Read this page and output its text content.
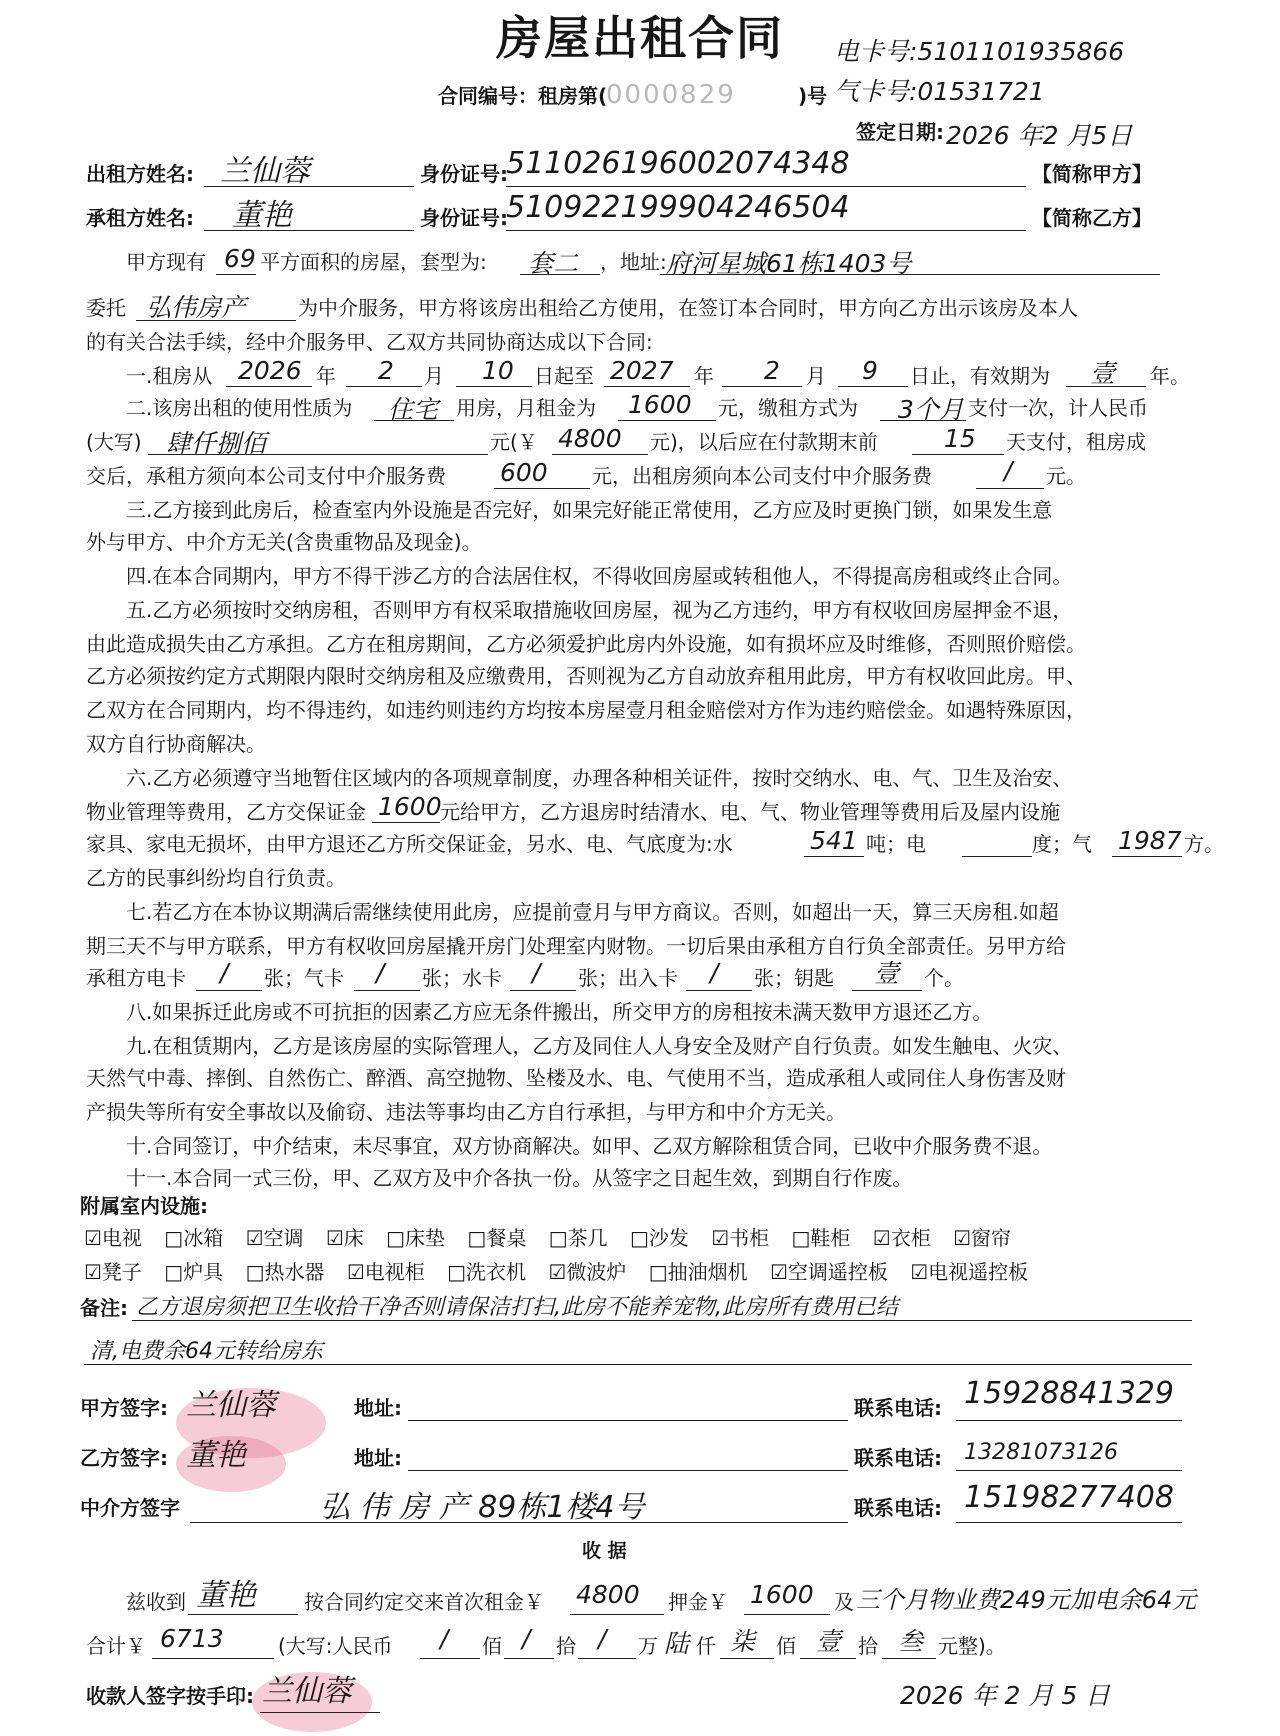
房屋出租合同	电卡号:5101101935866
气卡号:01531721
签定日期: 2026 年2 月5日
合同编号：租房第(
0000829	)号
出租方姓名: 兰仙蓉	身份证号:
511026196002074348	【简称甲方】
承租方姓名: 董艳	身份证号:
510922199904246504	【简称乙方】
甲方现有 69 平方面积的房屋，套型为: 套二 ，地址: 府河星城61栋1403号
委托 弘伟房产	为中介服务，甲方将该房出租给乙方使用，在签订本合同时，甲方向乙方出示该房及本人
的有关合法手续，经中介服务甲、乙双方共同协商达成以下合同:
一.租房从 2026 年 2 月 10 日起至 2027 年 2 月 9 日止，有效期为 壹 年。
二.该房出租的使用性质为 住宅 用房，月租金为 1600 元，缴租方式为 3个月 支付一次，计人民币
(大写) 肆仟捌佰	元(￥ 4800 元)，以后应在付款期末前	15 天支付，租房成
交后，承租方须向本公司支付中介服务费 600 元，出租房须向本公司支付中介服务费	/ 元。
三.乙方接到此房后，检查室内外设施是否完好，如果完好能正常使用，乙方应及时更换门锁，如果发生意
外与甲方、中介方无关(含贵重物品及现金)。
四.在本合同期内，甲方不得干涉乙方的合法居住权，不得收回房屋或转租他人，不得提高房租或终止合同。
五.乙方必须按时交纳房租，否则甲方有权采取措施收回房屋，视为乙方违约，甲方有权收回房屋押金不退，
由此造成损失由乙方承担。乙方在租房期间，乙方必须爱护此房内外设施，如有损坏应及时维修，否则照价赔偿。
乙方必须按约定方式期限内限时交纳房租及应缴费用，否则视为乙方自动放弃租用此房，甲方有权收回此房。甲、
乙双方在合同期内，均不得违约，如违约则违约方均按本房屋壹月租金赔偿对方作为违约赔偿金。如遇特殊原因，
双方自行协商解决。
六.乙方必须遵守当地暂住区域内的各项规章制度，办理各种相关证件，按时交纳水、电、气、卫生及治安、
物业管理等费用，乙方交保证金 1600
元给甲方，乙方退房时结清水、电、气、物业管理等费用后及屋内设施
家具、家电无损坏，由甲方退还乙方所交保证金，另水、电、气底度为:水	541 吨；电	度；气 1987 方。
乙方的民事纠纷均自行负责。
七.若乙方在本协议期满后需继续使用此房，应提前壹月与甲方商议。否则，如超出一天，算三天房租.如超
期三天不与甲方联系，甲方有权收回房屋撬开房门处理室内财物。一切后果由承租方自行负全部责任。另甲方给
承租方电卡 / 张；气卡 / 张；水卡 / 张；出入卡 / 张；钥匙 壹 个。
八.如果拆迁此房或不可抗拒的因素乙方应无条件搬出，所交甲方的房租按未满天数甲方退还乙方。
九.在租赁期内，乙方是该房屋的实际管理人，乙方及同住人人身安全及财产自行负责。如发生触电、火灾、
天然气中毒、摔倒、自然伤亡、醉酒、高空抛物、坠楼及水、电、气使用不当，造成承租人或同住人身伤害及财
产损失等所有安全事故以及偷窃、违法等事均由乙方自行承担，与甲方和中介方无关。
十.合同签订，中介结束，未尽事宜，双方协商解决。如甲、乙双方解除租赁合同，已收中介服务费不退。
十一.本合同一式三份，甲、乙双方及中介各执一份。从签字之日起生效，到期自行作废。
附属室内设施:
☑电视 □冰箱 ☑空调 ☑床 □床垫 □餐桌 □茶几 □沙发 ☑书柜 □鞋柜 ☑衣柜 ☑窗帘
☑凳子 □炉具 □热水器 ☑电视柜 □洗衣机 ☑微波炉 □抽油烟机 ☑空调遥控板 ☑电视遥控板
备注: 乙方退房须把卫生收拾干净否则请保洁打扫,此房不能养宠物,此房所有费用已结
清,电费余64元转给房东
甲方签字: 兰仙蓉	地址:	联系电话: 15928841329
乙方签字: 董艳	地址:	联系电话: 13281073126
中介方签字	弘 伟 房 产 89栋1楼4号	联系电话: 15198277408
收 据
兹收到 董艳 按合同约定交来首次租金￥ 4800 押金￥ 1600 及 三个月物业费249元加电余64元
合计￥ 6713	(大写:人民币 / 佰 / 拾 / 万 陆 仟 柒 佰 壹 拾 叁 元整)。
收款人签字按手印: 兰仙蓉	2026 年 2 月 5 日
